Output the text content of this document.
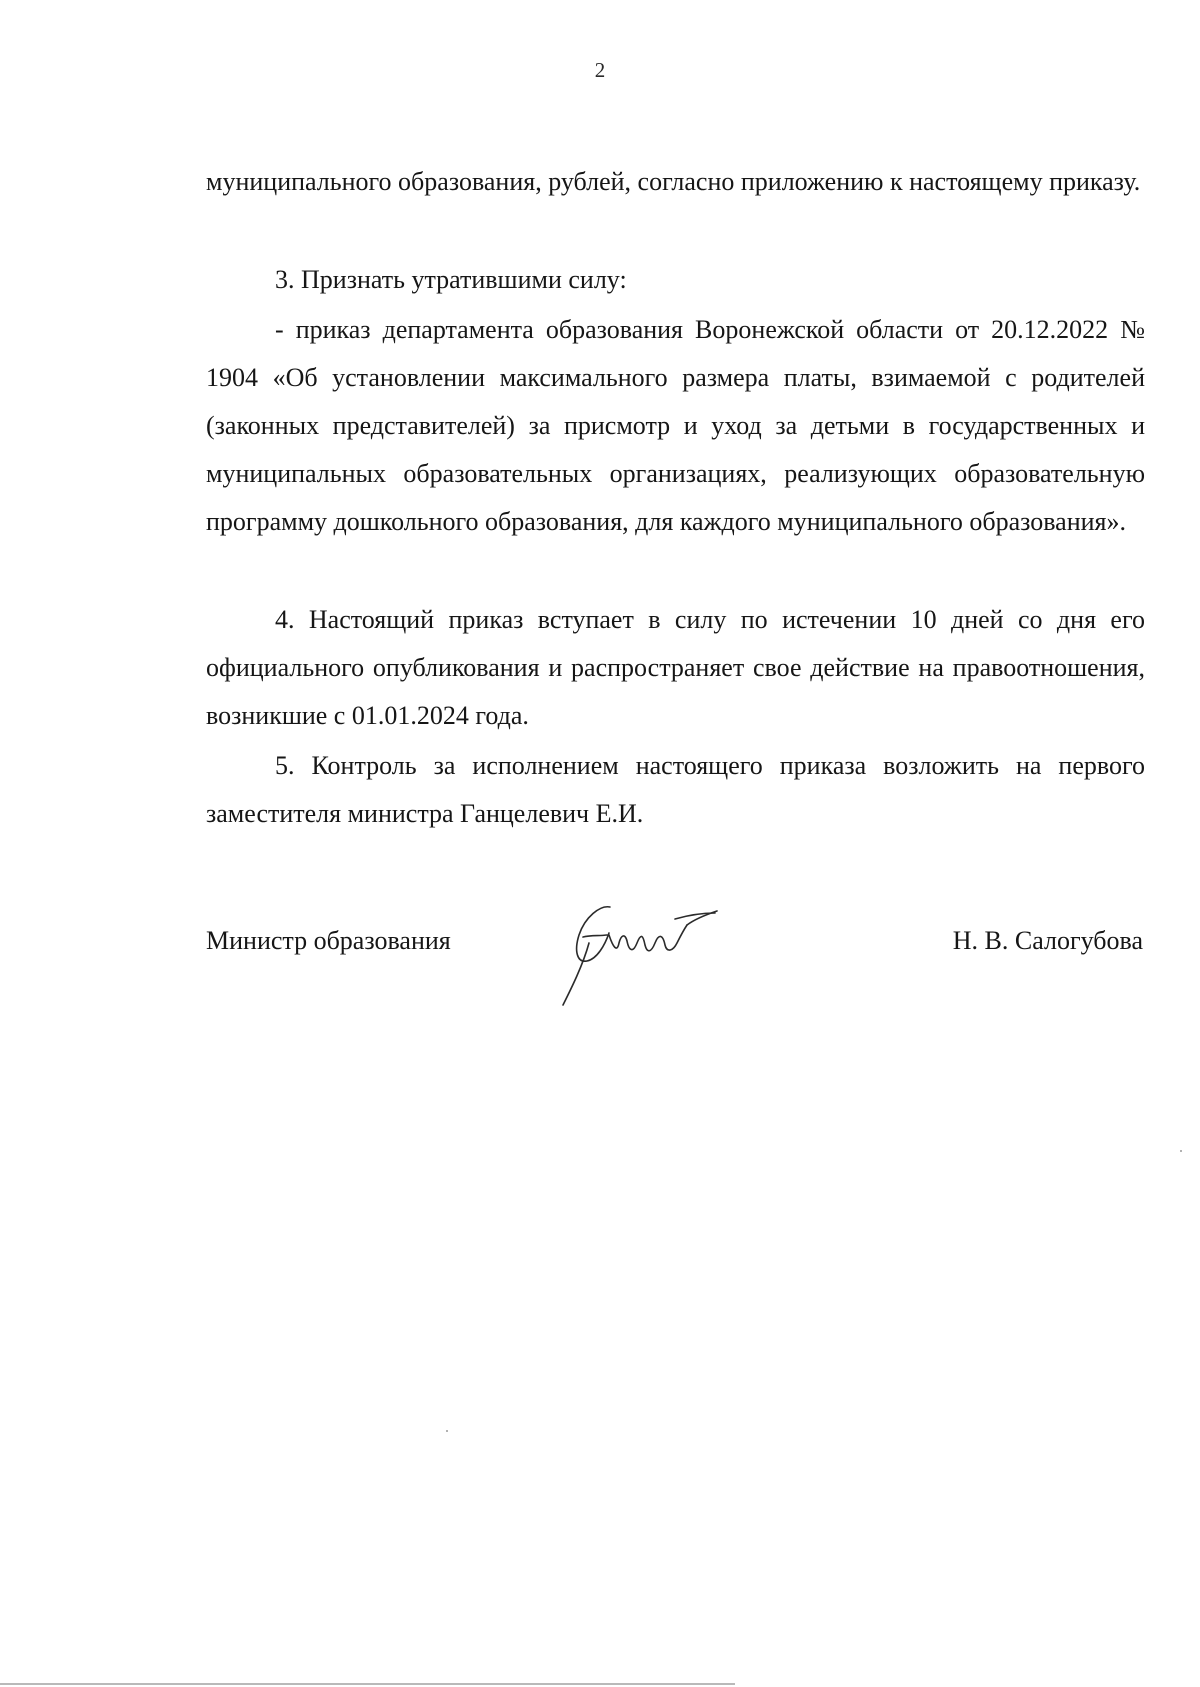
2
муниципального образования, рублей, согласно приложению к настоящему приказу.
3. Признать утратившими силу:
- приказ департамента образования Воронежской области от 20.12.2022 № 1904 «Об установлении максимального размера платы, взимаемой с родителей (законных представителей) за присмотр и уход за детьми в государственных и муниципальных образовательных организациях, реализующих образовательную программу дошкольного образования, для каждого муниципального образования».
4. Настоящий приказ вступает в силу по истечении 10 дней со дня его официального опубликования и распространяет свое действие на правоотношения, возникшие с 01.01.2024 года.
5. Контроль за исполнением настоящего приказа возложить на первого заместителя министра Ганцелевич Е.И.
Министр образования	Н. В. Салогубова
